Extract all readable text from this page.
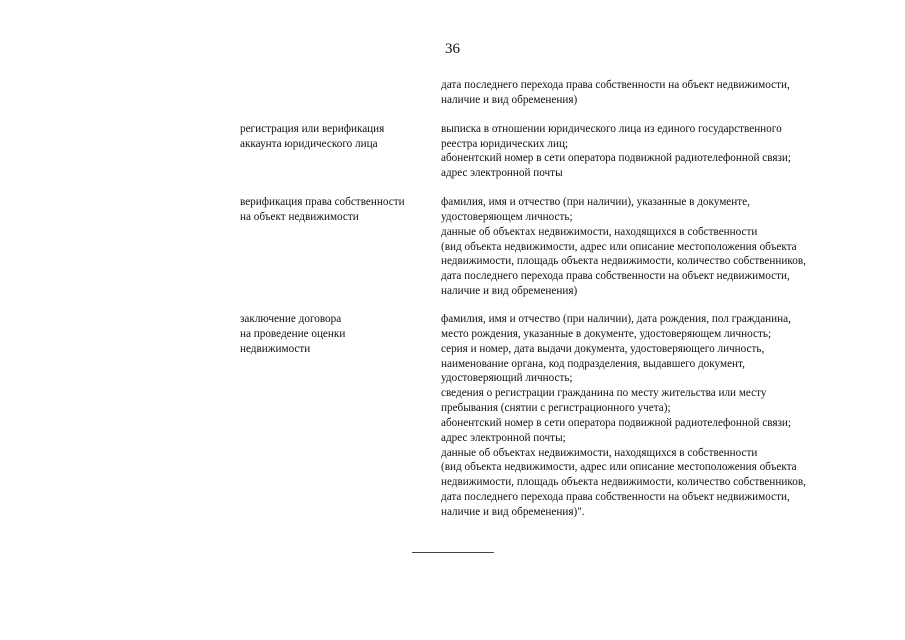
36
дата последнего перехода права собственности на объект недвижимости,
наличие и вид обременения)
регистрация или верификация
аккаунта юридического лица
выписка в отношении юридического лица из единого государственного
реестра юридических лиц;
абонентский номер в сети оператора подвижной радиотелефонной связи;
адрес электронной почты
верификация права собственности
на объект недвижимости
фамилия, имя и отчество (при наличии), указанные в документе,
удостоверяющем личность;
данные об объектах недвижимости, находящихся в собственности
(вид объекта недвижимости, адрес или описание местоположения объекта
недвижимости, площадь объекта недвижимости, количество собственников,
дата последнего перехода права собственности на объект недвижимости,
наличие и вид обременения)
заключение договора
на проведение оценки
недвижимости
фамилия, имя и отчество (при наличии), дата рождения, пол гражданина,
место рождения, указанные в документе, удостоверяющем личность;
серия и номер, дата выдачи документа, удостоверяющего личность,
наименование органа, код подразделения, выдавшего документ,
удостоверяющий личность;
сведения о регистрации гражданина по месту жительства или месту
пребывания (снятии с регистрационного учета);
абонентский номер в сети оператора подвижной радиотелефонной связи;
адрес электронной почты;
данные об объектах недвижимости, находящихся в собственности
(вид объекта недвижимости, адрес или описание местоположения объекта
недвижимости, площадь объекта недвижимости, количество собственников,
дата последнего перехода права собственности на объект недвижимости,
наличие и вид обременения)".
